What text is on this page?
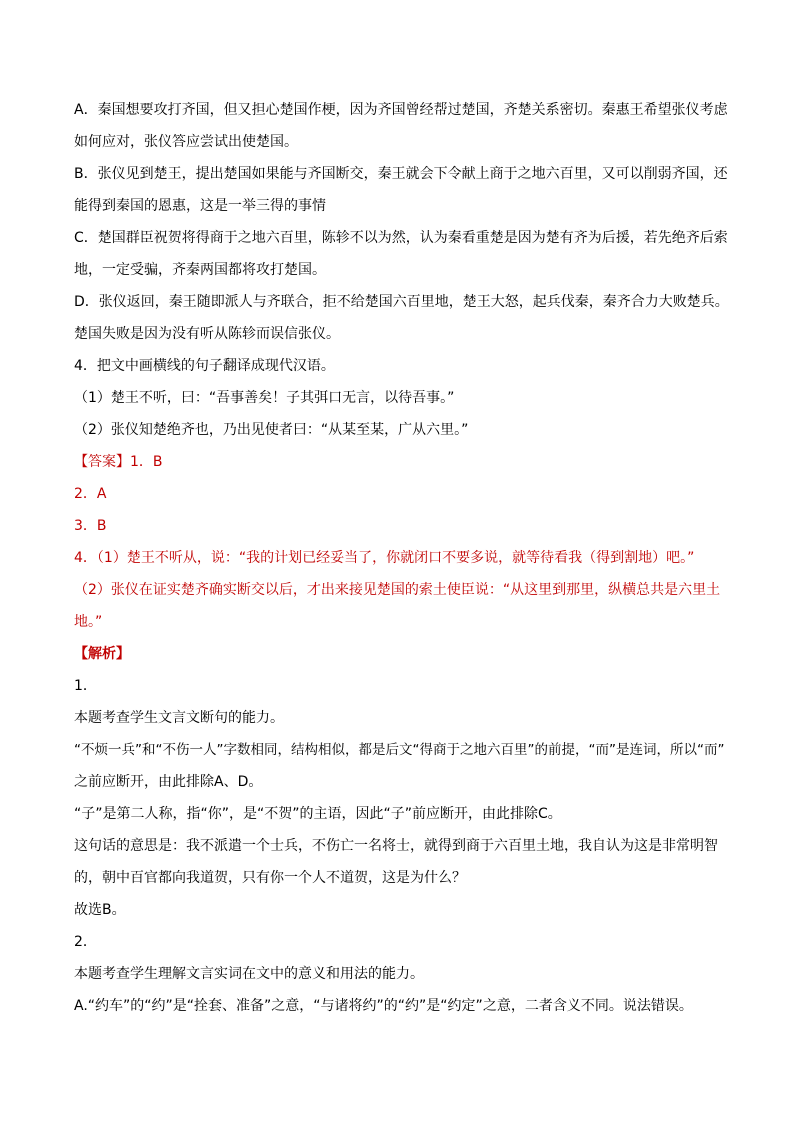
A．秦国想要攻打齐国，但又担心楚国作梗，因为齐国曾经帮过楚国，齐楚关系密切。秦惠王希望张仪考虑
如何应对，张仪答应尝试出使楚国。
B．张仪见到楚王，提出楚国如果能与齐国断交，秦王就会下令献上商于之地六百里，又可以削弱齐国，还
能得到秦国的恩惠，这是一举三得的事情
C．楚国群臣祝贺将得商于之地六百里，陈轸不以为然，认为秦看重楚是因为楚有齐为后援，若先绝齐后索
地，一定受骗，齐秦两国都将攻打楚国。
D．张仪返回，秦王随即派人与齐联合，拒不给楚国六百里地，楚王大怒，起兵伐秦，秦齐合力大败楚兵。
楚国失败是因为没有听从陈轸而误信张仪。
4．把文中画横线的句子翻译成现代汉语。
（1）楚王不听，曰：“吾事善矣！子其弭口无言，以待吾事。”
（2）张仪知楚绝齐也，乃出见使者曰：“从某至某，广从六里。”
【答案】1．B
2．A
3．B
4．（1）楚王不听从，说：“我的计划已经妥当了，你就闭口不要多说，就等待看我（得到割地）吧。”
（2）张仪在证实楚齐确实断交以后，才出来接见楚国的索土使臣说：“从这里到那里，纵横总共是六里土
地。”
【解析】
1．
本题考查学生文言文断句的能力。
“不烦一兵”和“不伤一人”字数相同，结构相似，都是后文“得商于之地六百里”的前提，“而”是连词，所以“而”
之前应断开，由此排除A、D。
“子”是第二人称，指“你”，是“不贺”的主语，因此“子”前应断开，由此排除C。
这句话的意思是：我不派遣一个士兵，不伤亡一名将士，就得到商于六百里土地，我自认为这是非常明智
的，朝中百官都向我道贺，只有你一个人不道贺，这是为什么？
故选B。
2．
本题考查学生理解文言实词在文中的意义和用法的能力。
A.“约车”的“约”是“拴套、准备”之意，“与诸将约”的“约”是“约定”之意，二者含义不同。说法错误。
